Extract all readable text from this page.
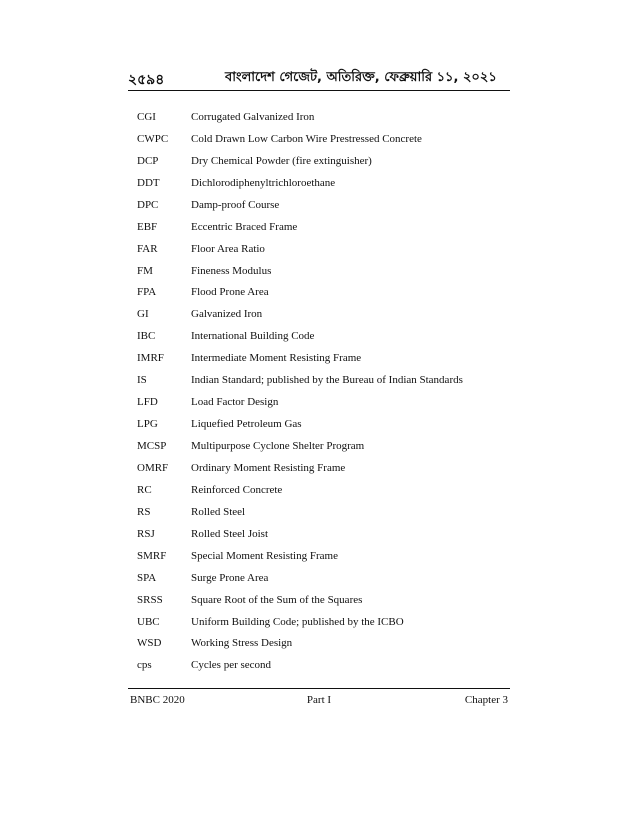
২৫৯৪	বাংলাদেশ গেজেট, অতিরিক্ত, ফেব্রুয়ারি ১১, ২০২১
CGI	Corrugated Galvanized Iron
CWPC	Cold Drawn Low Carbon Wire Prestressed Concrete
DCP	Dry Chemical Powder (fire extinguisher)
DDT	Dichlorodiphenyltrichloroethane
DPC	Damp-proof Course
EBF	Eccentric Braced Frame
FAR	Floor Area Ratio
FM	Fineness Modulus
FPA	Flood Prone Area
GI	Galvanized Iron
IBC	International Building Code
IMRF	Intermediate Moment Resisting Frame
IS	Indian Standard; published by the Bureau of Indian Standards
LFD	Load Factor Design
LPG	Liquefied Petroleum Gas
MCSP	Multipurpose Cyclone Shelter Program
OMRF	Ordinary Moment Resisting Frame
RC	Reinforced Concrete
RS	Rolled Steel
RSJ	Rolled Steel Joist
SMRF	Special Moment Resisting Frame
SPA	Surge Prone Area
SRSS	Square Root of the Sum of the Squares
UBC	Uniform Building Code; published by the ICBO
WSD	Working Stress Design
cps	Cycles per second
BNBC 2020	Part I	Chapter 3
